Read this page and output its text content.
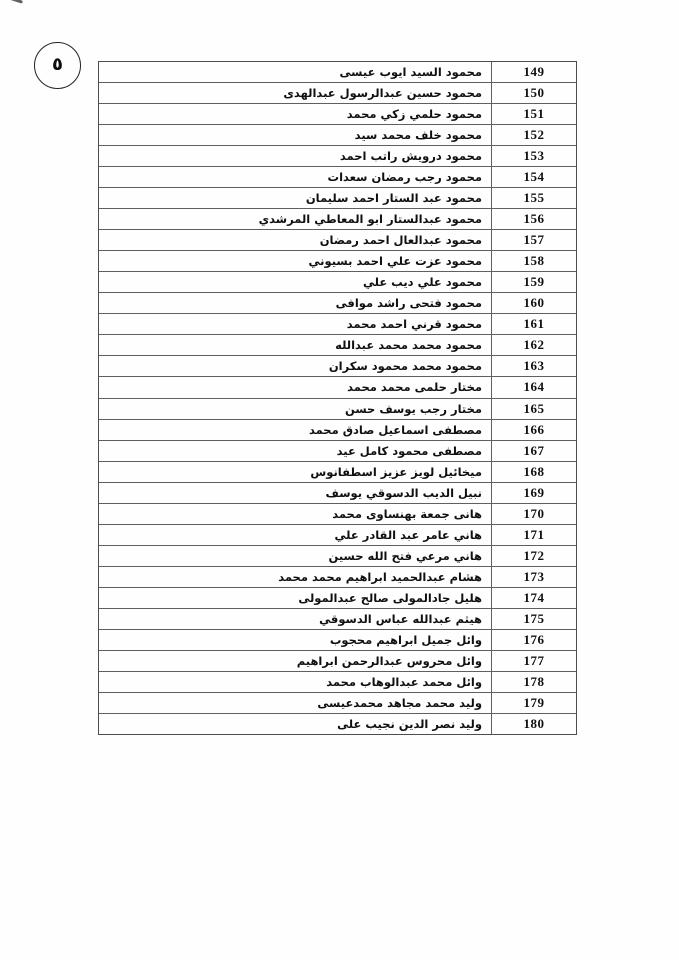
٥	149
محمود السيد ايوب عيسى
150
محمود حسين عبدالرسول عبدالهدى
151
محمود حلمي زكي محمد
152
محمود خلف محمد سيد
153
محمود درويش راتب احمد
154
محمود رجب رمضان سعدات
155
محمود عبد الستار احمد سليمان
156
محمود عبدالستار ابو المعاطي المرشدي
157
محمود عبدالعال احمد رمضان
158
محمود عزت علي احمد بسيوني
159
محمود علي ديب علي
160
محمود فتحى راشد موافى
161
محمود قرني احمد محمد
162
محمود محمد محمد عبدالله
163
محمود محمد محمود سكران
164
مختار حلمى محمد محمد
165
مختار رجب يوسف حسن
166
مصطفى اسماعيل صادق محمد
167
مصطفى محمود كامل عيد
168
ميخائيل لويز عزيز اسطفانوس
169
نبيل الديب الدسوقي يوسف
170
هانى جمعة بهنساوى محمد
171
هاني عامر عبد القادر علي
172
هاني مرعي فتح الله حسين
173
هشام عبدالحميد ابراهيم محمد محمد
174
هليل جادالمولى صالح عبدالمولى
175
هيثم عبدالله عباس الدسوقي
176
وائل جميل ابراهيم محجوب
177
وائل محروس عبدالرحمن ابراهيم
178
وائل محمد عبدالوهاب محمد
179
وليد محمد مجاهد محمدعيسى
180
وليد نصر الدين نجيب على
